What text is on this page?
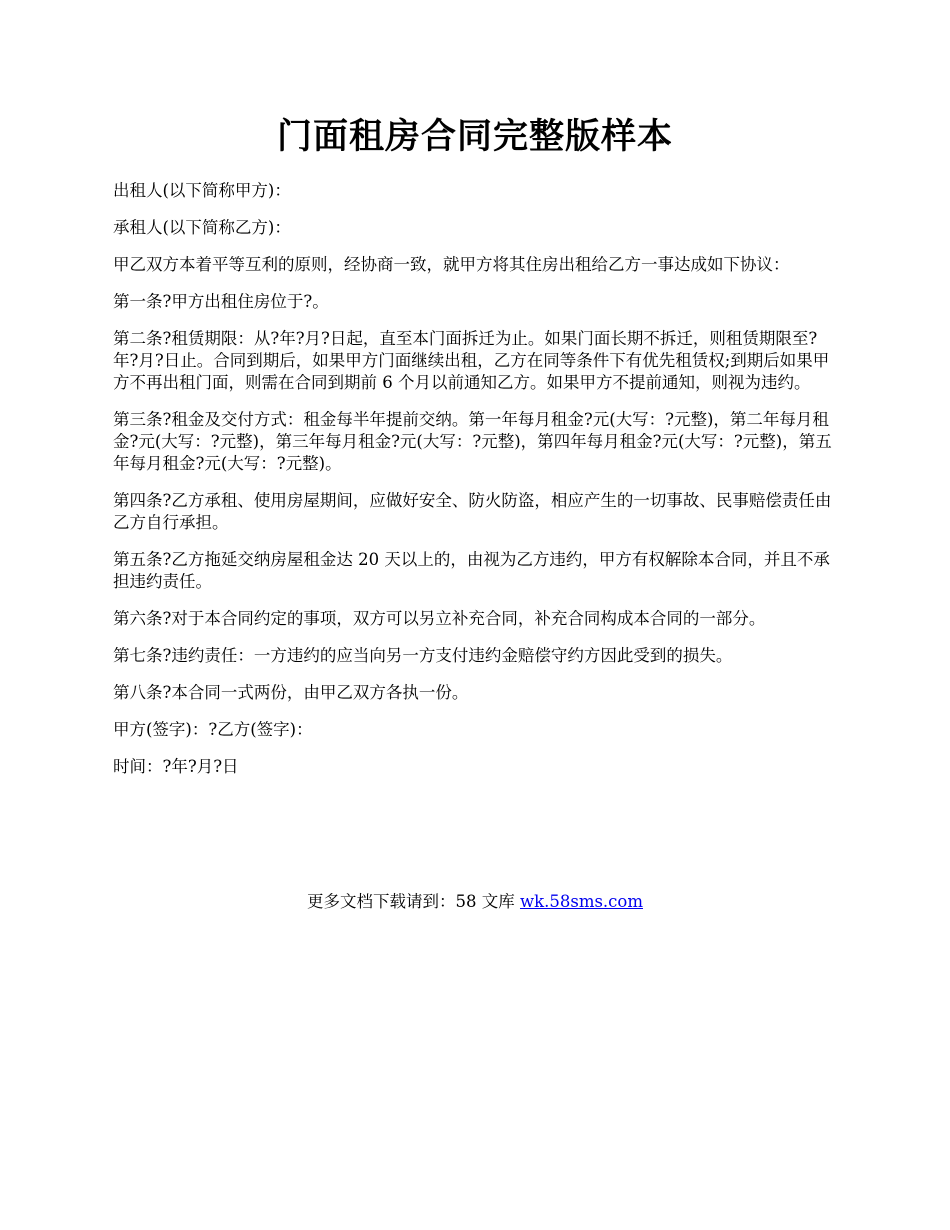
门面租房合同完整版样本

出租人(以下简称甲方)：

承租人(以下简称乙方)：

甲乙双方本着平等互利的原则，经协商一致，就甲方将其住房出租给乙方一事达成如下协议：

第一条?甲方出租住房位于?。

第二条?租赁期限：从?年?月?日起，直至本门面拆迁为止。如果门面长期不拆迁，则租赁期限至?年?月?日止。合同到期后，如果甲方门面继续出租，乙方在同等条件下有优先租赁权;到期后如果甲方不再出租门面，则需在合同到期前 6 个月以前通知乙方。如果甲方不提前通知，则视为违约。

第三条?租金及交付方式：租金每半年提前交纳。第一年每月租金?元(大写：?元整)，第二年每月租金?元(大写：?元整)，第三年每月租金?元(大写：?元整)，第四年每月租金?元(大写：?元整)，第五年每月租金?元(大写：?元整)。

第四条?乙方承租、使用房屋期间，应做好安全、防火防盗，相应产生的一切事故、民事赔偿责任由乙方自行承担。

第五条?乙方拖延交纳房屋租金达 20 天以上的，由视为乙方违约，甲方有权解除本合同，并且不承担违约责任。

第六条?对于本合同约定的事项，双方可以另立补充合同，补充合同构成本合同的一部分。

第七条?违约责任：一方违约的应当向另一方支付违约金赔偿守约方因此受到的损失。

第八条?本合同一式两份，由甲乙双方各执一份。

甲方(签字)：?乙方(签字)：

时间：?年?月?日

更多文档下载请到：58 文库 wk.58sms.com
